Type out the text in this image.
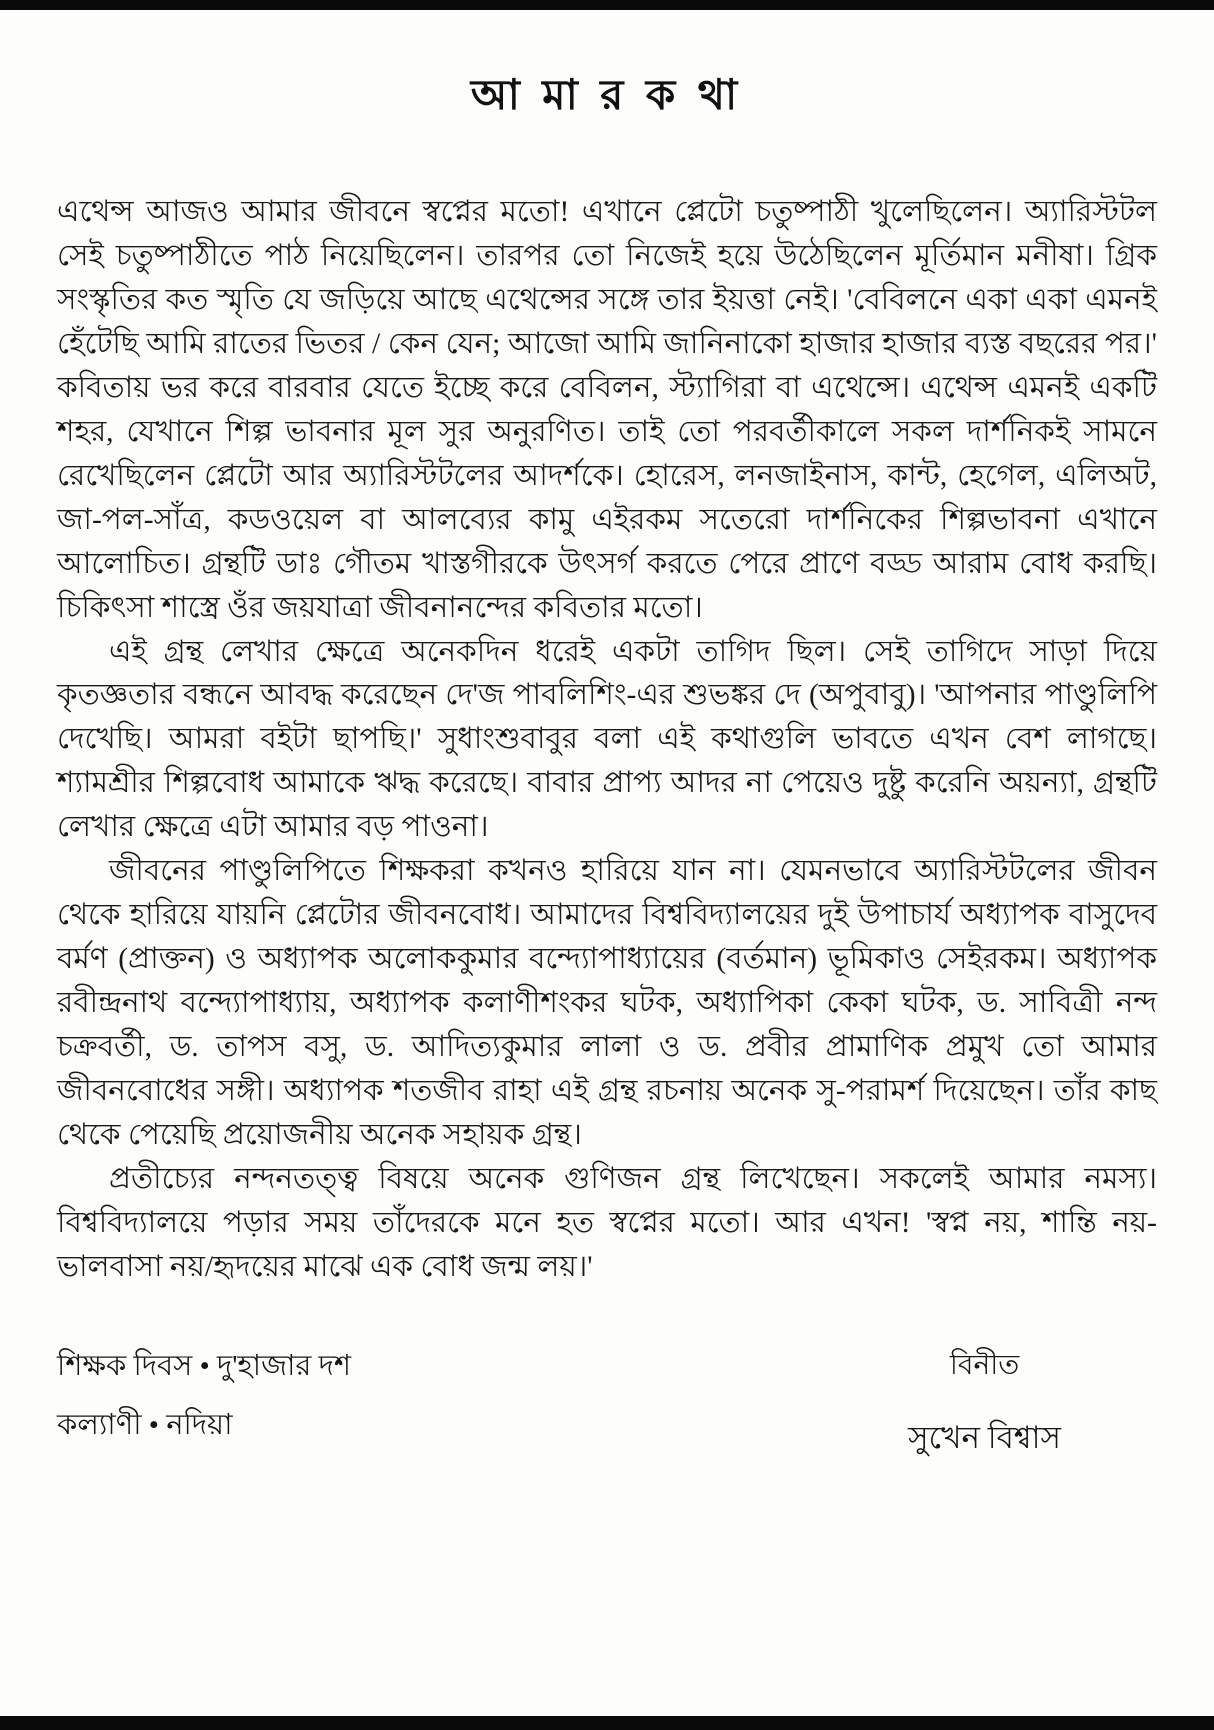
আ মা র ক থা

এথেন্স আজও আমার জীবনে স্বপ্নের মতো! এখানে প্লেটো চতুষ্পাঠী খুলেছিলেন। অ্যারিস্টটল সেই চতুষ্পাঠীতে পাঠ নিয়েছিলেন। তারপর তো নিজেই হয়ে উঠেছিলেন মূর্তিমান মনীষা। গ্রিক সংস্কৃতির কত স্মৃতি যে জড়িয়ে আছে এথেন্সের সঙ্গে তার ইয়ত্তা নেই। 'বেবিলনে একা একা এমনই হেঁটেছি আমি রাতের ভিতর / কেন যেন; আজো আমি জানিনাকো হাজার হাজার ব্যস্ত বছরের পর।' কবিতায় ভর করে বারবার যেতে ইচ্ছে করে বেবিলন, স্ট্যাগিরা বা এথেন্সে। এথেন্স এমনই একটি শহর, যেখানে শিল্প ভাবনার মূল সুর অনুরণিত। তাই তো পরবর্তীকালে সকল দার্শনিকই সামনে রেখেছিলেন প্লেটো আর অ্যারিস্টটলের আদর্শকে। হোরেস, লনজাইনাস, কান্ট, হেগেল, এলিঅট, জা-পল-সাঁত্র, কডওয়েল বা আলব্যের কামু এইরকম সতেরো দার্শনিকের শিল্পভাবনা এখানে আলোচিত। গ্রন্থটি ডাঃ গৌতম খাস্তগীরকে উৎসর্গ করতে পেরে প্রাণে বড্ড আরাম বোধ করছি। চিকিৎসা শাস্ত্রে ওঁর জয়যাত্রা জীবনানন্দের কবিতার মতো।

এই গ্রন্থ লেখার ক্ষেত্রে অনেকদিন ধরেই একটা তাগিদ ছিল। সেই তাগিদে সাড়া দিয়ে কৃতজ্ঞতার বন্ধনে আবদ্ধ করেছেন দে'জ পাবলিশিং-এর শুভঙ্কর দে (অপুবাবু)। 'আপনার পাণ্ডুলিপি দেখেছি। আমরা বইটা ছাপছি।' সুধাংশুবাবুর বলা এই কথাগুলি ভাবতে এখন বেশ লাগছে। শ্যামশ্রীর শিল্পবোধ আমাকে ঋদ্ধ করেছে। বাবার প্রাপ্য আদর না পেয়েও দুষ্টু করেনি অয়ন্যা, গ্রন্থটি লেখার ক্ষেত্রে এটা আমার বড় পাওনা।

জীবনের পাণ্ডুলিপিতে শিক্ষকরা কখনও হারিয়ে যান না। যেমনভাবে অ্যারিস্টটলের জীবন থেকে হারিয়ে যায়নি প্লেটোর জীবনবোধ। আমাদের বিশ্ববিদ্যালয়ের দুই উপাচার্য অধ্যাপক বাসুদেব বর্মণ (প্রাক্তন) ও অধ্যাপক অলোককুমার বন্দ্যোপাধ্যায়ের (বর্তমান) ভূমিকাও সেইরকম। অধ্যাপক রবীন্দ্রনাথ বন্দ্যোপাধ্যায়, অধ্যাপক কলাণীশংকর ঘটক, অধ্যাপিকা কেকা ঘটক, ড. সাবিত্রী নন্দ চক্রবর্তী, ড. তাপস বসু, ড. আদিত্যকুমার লালা ও ড. প্রবীর প্রামাণিক প্রমুখ তো আমার জীবনবোধের সঙ্গী। অধ্যাপক শতজীব রাহা এই গ্রন্থ রচনায় অনেক সু-পরামর্শ দিয়েছেন। তাঁর কাছ থেকে পেয়েছি প্রয়োজনীয় অনেক সহায়ক গ্রন্থ।

প্রতীচ্যের নন্দনতত্ত্ব বিষয়ে অনেক গুণিজন গ্রন্থ লিখেছেন। সকলেই আমার নমস্য। বিশ্ববিদ্যালয়ে পড়ার সময় তাঁদেরকে মনে হত স্বপ্নের মতো। আর এখন! 'স্বপ্ন নয়, শান্তি নয়-ভালবাসা নয়/হৃদয়ের মাঝে এক বোধ জন্ম লয়।'

শিক্ষক দিবস • দু'হাজার দশ
কল্যাণী • নদিয়া
বিনীত
সুখেন বিশ্বাস
